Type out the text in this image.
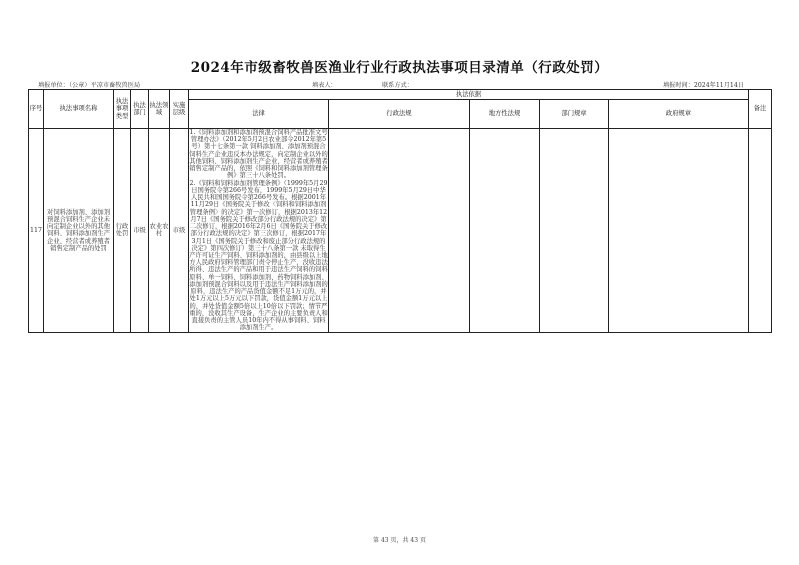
2024年市级畜牧兽医渔业行业行政执法事项目录清单（行政处罚）
填报单位：（公章）平凉市畜牧兽医局	填表人：	联系方式：	填报时间：2024年11月14日
序号	执法事项名称	执法事项类型	执法部门	执法领域	实施层级	执法依据					备注
						法律	行政法规	地方性法规	部门规章	政府规章	
117	对饲料添加剂、添加剂预混合饲料生产企业未向定制企业以外的其他饲料、饲料添加剂生产企业、经营者或养殖者销售定制产品的处罚	行政处罚	市级	农业农村	市级	1.《饲料添加剂和添加剂预混合饲料产品批准文号管理办法》（2012年5月2日农业部令2012年第5号）第十七条第一款 饲料添加剂、添加剂预混合饲料生产企业违反本办法规定，向定制企业以外的其他饲料、饲料添加剂生产企业、经营者或养殖者销售定制产品的，依照《饲料和饲料添加剂管理条例》第三十八条处罚。

2.《饲料和饲料添加剂管理条例》（1999年5月29日国务院令第266号发布，1999年5月29日中华人民共和国国务院令第266号发布。根据2001年11月29日《国务院关于修改〈饲料和饲料添加剂管理条例〉的决定》第一次修订，根据2013年12月7日《国务院关于修改部分行政法规的决定》第二次修订，根据2016年2月6日《国务院关于修改部分行政法规的决定》第三次修订，根据2017年3月1日《国务院关于修改和废止部分行政法规的决定》第四次修订）第三十八条第一款 未取得生产许可证生产饲料、饲料添加剂的，由县级以上地方人民政府饲料管理部门责令停止生产，没收违法所得、违法生产的产品和用于违法生产饲料的饲料原料、单一饲料、饲料添加剂、药物饲料添加剂、添加剂预混合饲料以及用于违法生产饲料添加剂的原料，违法生产的产品货值金额不足1万元的，并处1万元以上5万元以下罚款，货值金额1万元以上的，并处货值金额5倍以上10倍以下罚款；情节严重的，没收其生产设备，生产企业的主要负责人和直接负责的主管人员10年内不得从事饲料、饲料添加剂生产。					

第 43 页，共 43 页
